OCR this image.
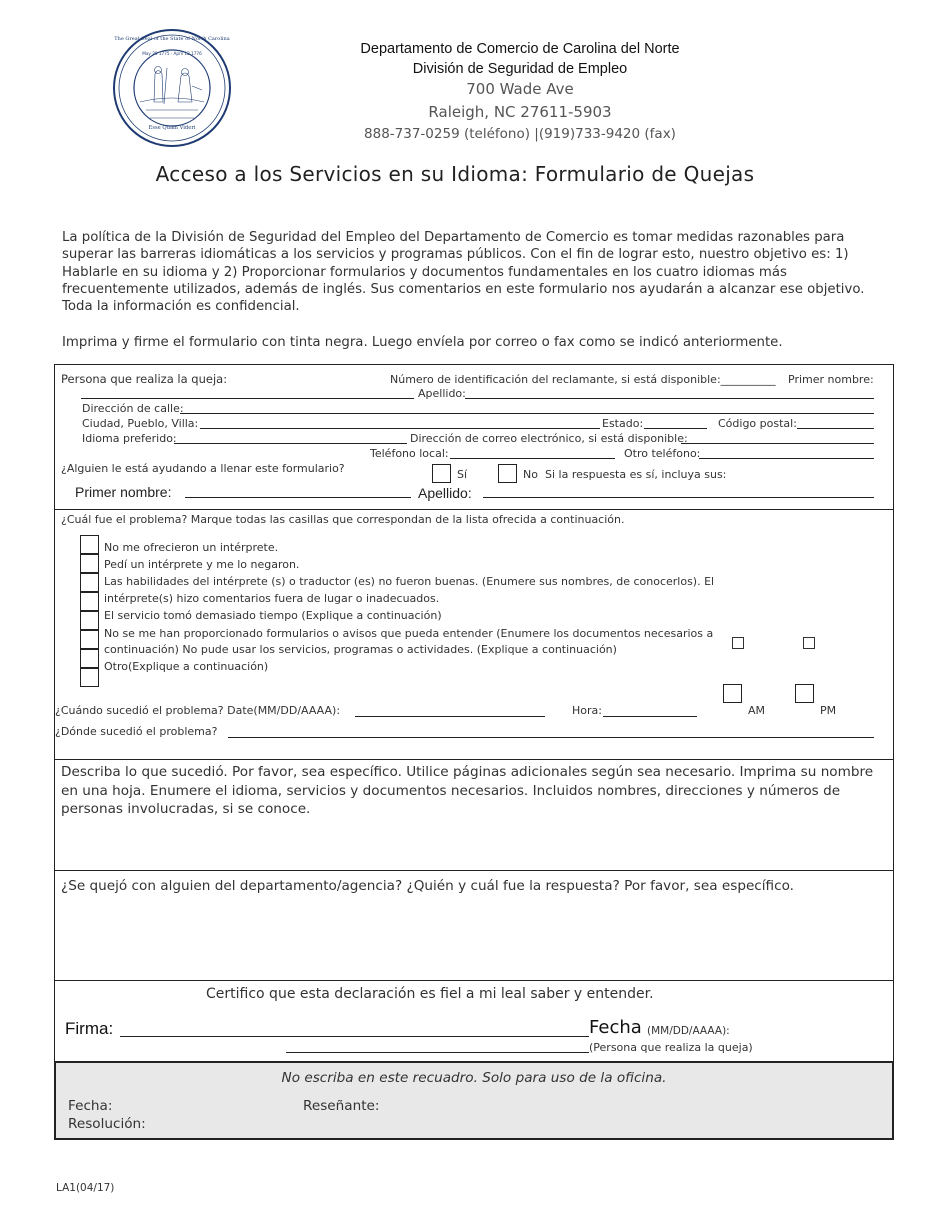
May 20 1775 · April 12 1776
Esse Quam Videri
The Great Seal of the State of North Carolina
Departamento de Comercio de Carolina del Norte
División de Seguridad de Empleo
700 Wade Ave
Raleigh, NC 27611-5903
888-737-0259 (teléfono) |(919)733-9420 (fax)
Acceso a los Servicios en su Idioma: Formulario de Quejas
La política de la División de Seguridad del Empleo del Departamento de Comercio es tomar medidas razonables para superar las barreras idiomáticas a los servicios y programas públicos. Con el fin de lograr esto, nuestro objetivo es: 1) Hablarle en su idioma y 2) Proporcionar formularios y documentos fundamentales en los cuatro idiomas más frecuentemente utilizados, además de inglés. Sus comentarios en este formulario nos ayudarán a alcanzar ese objetivo. Toda la información es confidencial.
Imprima y firme el formulario con tinta negra. Luego envíela por correo o fax como se indicó anteriormente.
Persona que realiza la queja:	Número de identificación del reclamante, si está disponible:__________ Primer nombre:
Apellido:
Dirección de calle:
Ciudad, Pueblo, Villa:	Estado:	Código postal:
Idioma preferido:	Dirección de correo electrónico, si está disponible:
Teléfono local:	Otro teléfono:
¿Alguien le está ayudando a llenar este formulario?	Sí	No Si la respuesta es sí, incluya sus:
Primer nombre:	Apellido:
¿Cuál fue el problema? Marque todas las casillas que correspondan de la lista ofrecida a continuación.
No me ofrecieron un intérprete.
Pedí un intérprete y me lo negaron.
Las habilidades del intérprete (s) o traductor (es) no fueron buenas. (Enumere sus nombres, de conocerlos). El
intérprete(s) hizo comentarios fuera de lugar o inadecuados.
El servicio tomó demasiado tiempo (Explique a continuación)
No se me han proporcionado formularios o avisos que pueda entender (Enumere los documentos necesarios a
continuación) No pude usar los servicios, programas o actividades. (Explique a continuación)
Otro(Explique a continuación)
¿Cuándo sucedió el problema? Date(MM/DD/AAAA):	Hora:	AM	PM
¿Dónde sucedió el problema?
Describa lo que sucedió. Por favor, sea específico. Utilice páginas adicionales según sea necesario. Imprima su nombre en una hoja. Enumere el idioma, servicios y documentos necesarios. Incluidos nombres, direcciones y números de personas involucradas, si se conoce.
¿Se quejó con alguien del departamento/agencia? ¿Quién y cuál fue la respuesta? Por favor, sea específico.
Certifico que esta declaración es fiel a mi leal saber y entender.
Firma:	Fecha (MM/DD/AAAA):
(Persona que realiza la queja)
No escriba en este recuadro. Solo para uso de la oficina.
Fecha:	Reseñante:
Resolución:
LA1(04/17)
